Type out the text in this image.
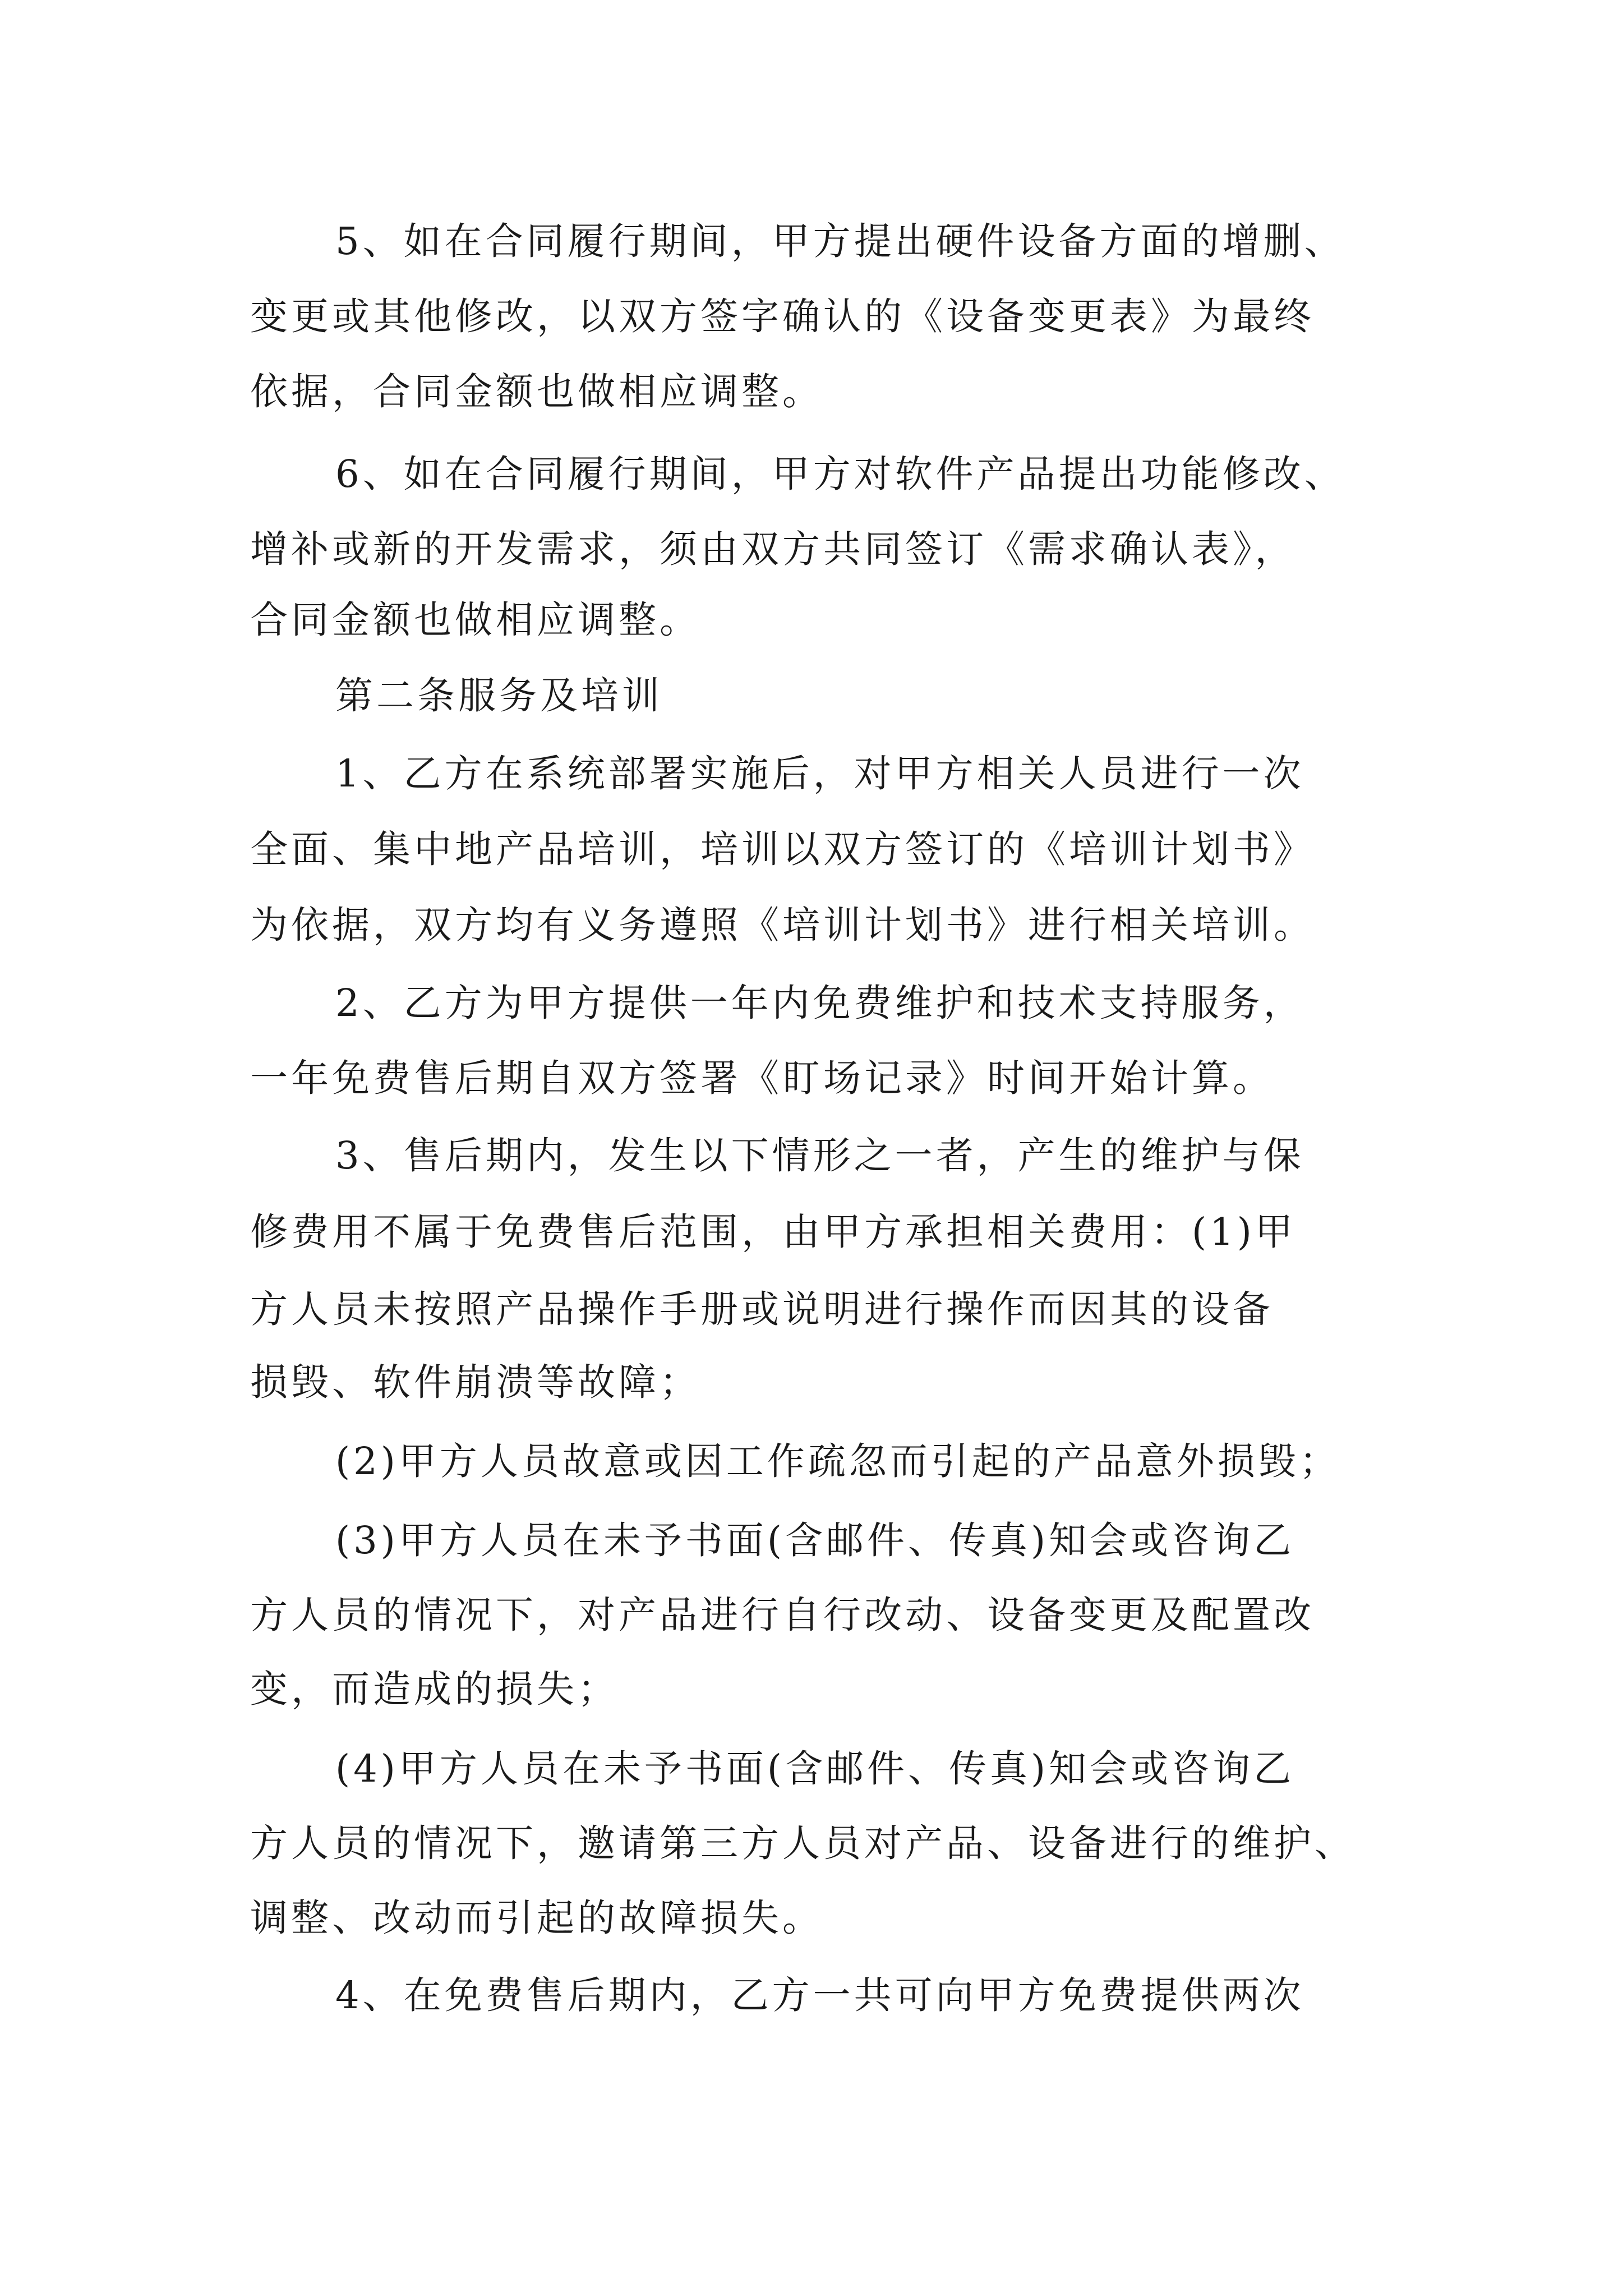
5、如在合同履行期间，甲方提出硬件设备方面的增删、

变更或其他修改，以双方签字确认的《设备变更表》为最终

依据，合同金额也做相应调整。

6、如在合同履行期间，甲方对软件产品提出功能修改、

增补或新的开发需求，须由双方共同签订《需求确认表》，

合同金额也做相应调整。

第二条服务及培训

1、乙方在系统部署实施后，对甲方相关人员进行一次

全面、集中地产品培训，培训以双方签订的《培训计划书》

为依据，双方均有义务遵照《培训计划书》进行相关培训。

2、乙方为甲方提供一年内免费维护和技术支持服务，

一年免费售后期自双方签署《盯场记录》时间开始计算。

3、售后期内，发生以下情形之一者，产生的维护与保

修费用不属于免费售后范围，由甲方承担相关费用：(1)甲

方人员未按照产品操作手册或说明进行操作而因其的设备

损毁、软件崩溃等故障；

(2)甲方人员故意或因工作疏忽而引起的产品意外损毁；

(3)甲方人员在未予书面(含邮件、传真)知会或咨询乙

方人员的情况下，对产品进行自行改动、设备变更及配置改

变，而造成的损失；

(4)甲方人员在未予书面(含邮件、传真)知会或咨询乙

方人员的情况下，邀请第三方人员对产品、设备进行的维护、

调整、改动而引起的故障损失。

4、在免费售后期内，乙方一共可向甲方免费提供两次
